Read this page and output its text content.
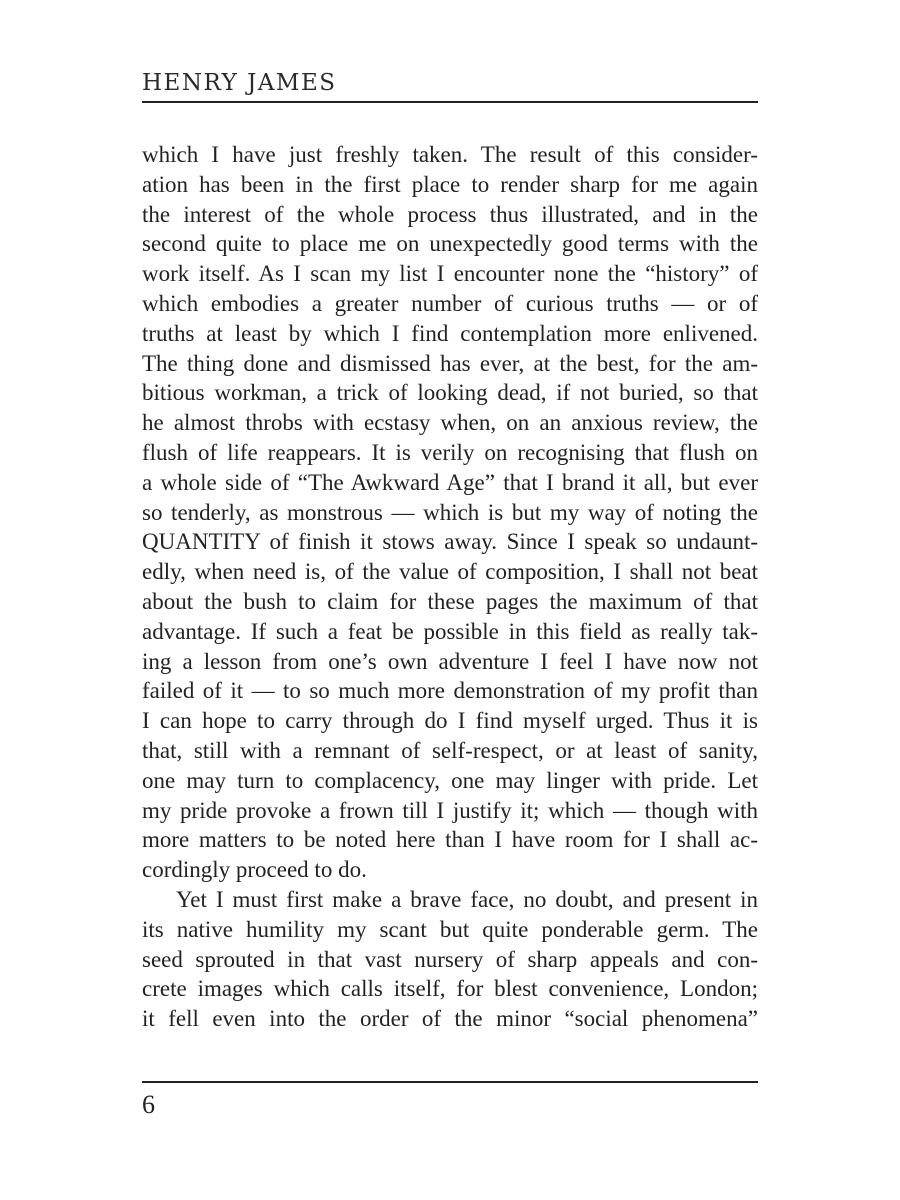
HENRY JAMES
which I have just freshly taken. The result of this consider-
ation has been in the first place to render sharp for me again
the interest of the whole process thus illustrated, and in the
second quite to place me on unexpectedly good terms with the
work itself. As I scan my list I encounter none the “history” of
which embodies a greater number of curious truths — or of
truths at least by which I find contemplation more enlivened.
The thing done and dismissed has ever, at the best, for the am-
bitious workman, a trick of looking dead, if not buried, so that
he almost throbs with ecstasy when, on an anxious review, the
flush of life reappears. It is verily on recognising that flush on
a whole side of “The Awkward Age” that I brand it all, but ever
so tenderly, as monstrous — which is but my way of noting the
QUANTITY of finish it stows away. Since I speak so undaunt-
edly, when need is, of the value of composition, I shall not beat
about the bush to claim for these pages the maximum of that
advantage. If such a feat be possible in this field as really tak-
ing a lesson from one’s own adventure I feel I have now not
failed of it — to so much more demonstration of my profit than
I can hope to carry through do I find myself urged. Thus it is
that, still with a remnant of self-respect, or at least of sanity,
one may turn to complacency, one may linger with pride. Let
my pride provoke a frown till I justify it; which — though with
more matters to be noted here than I have room for I shall ac-
cordingly proceed to do.
Yet I must first make a brave face, no doubt, and present in
its native humility my scant but quite ponderable germ. The
seed sprouted in that vast nursery of sharp appeals and con-
crete images which calls itself, for blest convenience, London;
it fell even into the order of the minor “social phenomena”
6
